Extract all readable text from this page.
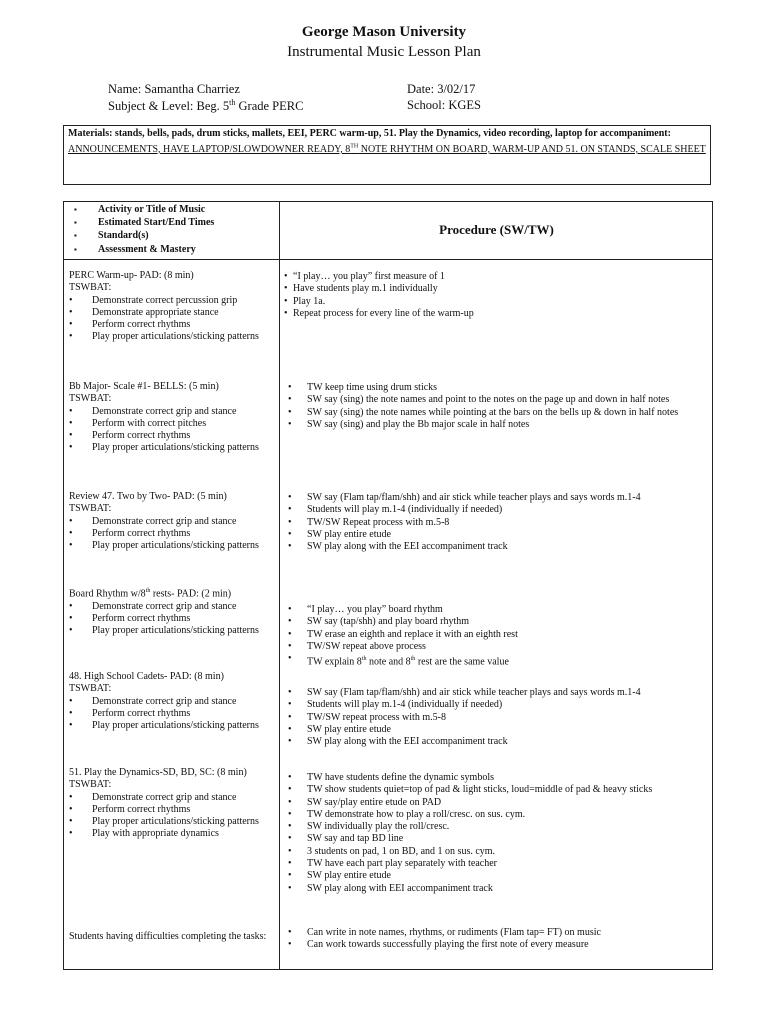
George Mason University
Instrumental Music Lesson Plan
Name: Samantha Charriez	Date: 3/02/17
Subject & Level: Beg. 5th Grade PERC	School: KGES
Materials: stands, bells, pads, drum sticks, mallets, EEI, PERC warm-up, 51. Play the Dynamics, video recording, laptop for accompaniment: ANNOUNCEMENTS, HAVE LAPTOP/SLOWDOWNER READY, 8TH NOTE RHYTHM ON BOARD, WARM-UP AND 51. ON STANDS, SCALE SHEET
▪ Activity or Title of Music
▪ Estimated Start/End Times
▪ Standard(s)
▪ Assessment & Mastery
Procedure (SW/TW)
PERC Warm-up- PAD: (8 min)
TSWBAT:
• Demonstrate correct percussion grip
• Demonstrate appropriate stance
• Perform correct rhythms
• Play proper articulations/sticking patterns
• “I play… you play” first measure of 1
• Have students play m.1 individually
• Play 1a.
• Repeat process for every line of the warm-up
Bb Major- Scale #1- BELLS: (5 min)
TSWBAT:
• Demonstrate correct grip and stance
• Perform with correct pitches
• Perform correct rhythms
• Play proper articulations/sticking patterns
• TW keep time using drum sticks
• SW say (sing) the note names and point to the notes on the page up and down in half notes
• SW say (sing) the note names while pointing at the bars on the bells up & down in half notes
• SW say (sing) and play the Bb major scale in half notes
Review 47. Two by Two- PAD: (5 min)
TSWBAT:
• Demonstrate correct grip and stance
• Perform correct rhythms
• Play proper articulations/sticking patterns
• SW say (Flam tap/flam/shh) and air stick while teacher plays and says words m.1-4
• Students will play m.1-4 (individually if needed)
• TW/SW Repeat process with m.5-8
• SW play entire etude
• SW play along with the EEI accompaniment track
Board Rhythm w/8th rests- PAD: (2 min)
• Demonstrate correct grip and stance
• Perform correct rhythms
• Play proper articulations/sticking patterns
• “I play… you play” board rhythm
• SW say (tap/shh) and play board rhythm
• TW erase an eighth and replace it with an eighth rest
• TW/SW repeat above process
• TW explain 8th note and 8th rest are the same value
48. High School Cadets- PAD: (8 min)
TSWBAT:
• Demonstrate correct grip and stance
• Perform correct rhythms
• Play proper articulations/sticking patterns
• SW say (Flam tap/flam/shh) and air stick while teacher plays and says words m.1-4
• Students will play m.1-4 (individually if needed)
• TW/SW repeat process with m.5-8
• SW play entire etude
• SW play along with the EEI accompaniment track
51. Play the Dynamics-SD, BD, SC: (8 min)
TSWBAT:
• Demonstrate correct grip and stance
• Perform correct rhythms
• Play proper articulations/sticking patterns
• Play with appropriate dynamics
• TW have students define the dynamic symbols
• TW show students quiet=top of pad & light sticks, loud=middle of pad & heavy sticks
• SW say/play entire etude on PAD
• TW demonstrate how to play a roll/cresc. on sus. cym.
• SW individually play the roll/cresc.
• SW say and tap BD line
• 3 students on pad, 1 on BD, and 1 on sus. cym.
• TW have each part play separately with teacher
• SW play entire etude
• SW play along with EEI accompaniment track
Students having difficulties completing the tasks:
•	Can write in note names, rhythms, or rudiments (Flam tap= FT) on music
• Can work towards successfully playing the first note of every measure
